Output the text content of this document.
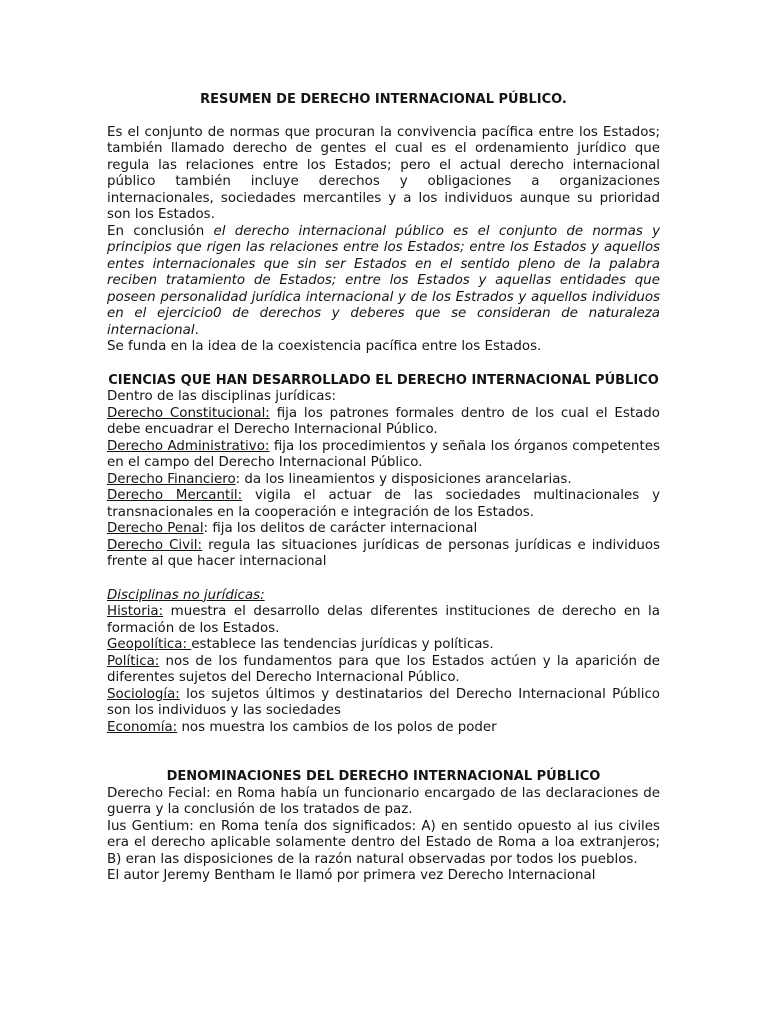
RESUMEN DE DERECHO INTERNACIONAL PÚBLICO.

Es el conjunto de normas que procuran la convivencia pacífica entre los Estados; también llamado derecho de gentes el cual es el ordenamiento jurídico que regula las relaciones entre los Estados; pero el actual derecho internacional público también incluye derechos y obligaciones a organizaciones internacionales, sociedades mercantiles y a los individuos aunque su prioridad son los Estados.

En conclusión el derecho internacional público es el conjunto de normas y principios que rigen las relaciones entre los Estados; entre los Estados y aquellos entes internacionales que sin ser Estados en el sentido pleno de la palabra reciben tratamiento de Estados; entre los Estados y aquellas entidades que poseen personalidad jurídica internacional y de los Estrados y aquellos individuos en el ejercicio0 de derechos y deberes que se consideran de naturaleza internacional.

Se funda en la idea de la coexistencia pacífica entre los Estados.

CIENCIAS QUE HAN DESARROLLADO EL DERECHO INTERNACIONAL PÚBLICO

Dentro de las disciplinas jurídicas:

Derecho Constitucional: fija los patrones formales dentro de los cual el Estado debe encuadrar el Derecho Internacional Público.

Derecho Administrativo: fija los procedimientos y señala los órganos competentes en el campo del Derecho Internacional Público.

Derecho Financiero: da los lineamientos y disposiciones arancelarias.

Derecho Mercantil: vigila el actuar de las sociedades multinacionales y transnacionales en la cooperación e integración de los Estados.

Derecho Penal: fija los delitos de carácter internacional

Derecho Civil: regula las situaciones jurídicas de personas jurídicas e individuos frente al que hacer internacional

Disciplinas no jurídicas:

Historia: muestra el desarrollo delas diferentes instituciones de derecho en la formación de los Estados.

Geopolítica: establece las tendencias jurídicas y políticas.

Política: nos de los fundamentos para que los Estados actúen y la aparición de diferentes sujetos del Derecho Internacional Público.

Sociología: los sujetos últimos y destinatarios del Derecho Internacional Público son los individuos y las sociedades

Economía: nos muestra los cambios de los polos de poder

DENOMINACIONES DEL DERECHO INTERNACIONAL PÚBLICO

Derecho Fecial: en Roma había un funcionario encargado de las declaraciones de guerra y la conclusión de los tratados de paz.

Ius Gentium: en Roma tenía dos significados: A) en sentido opuesto al ius civiles era el derecho aplicable solamente dentro del Estado de Roma a loa extranjeros; B) eran las disposiciones de la razón natural observadas por todos los pueblos.

El autor Jeremy Bentham le llamó por primera vez Derecho Internacional
